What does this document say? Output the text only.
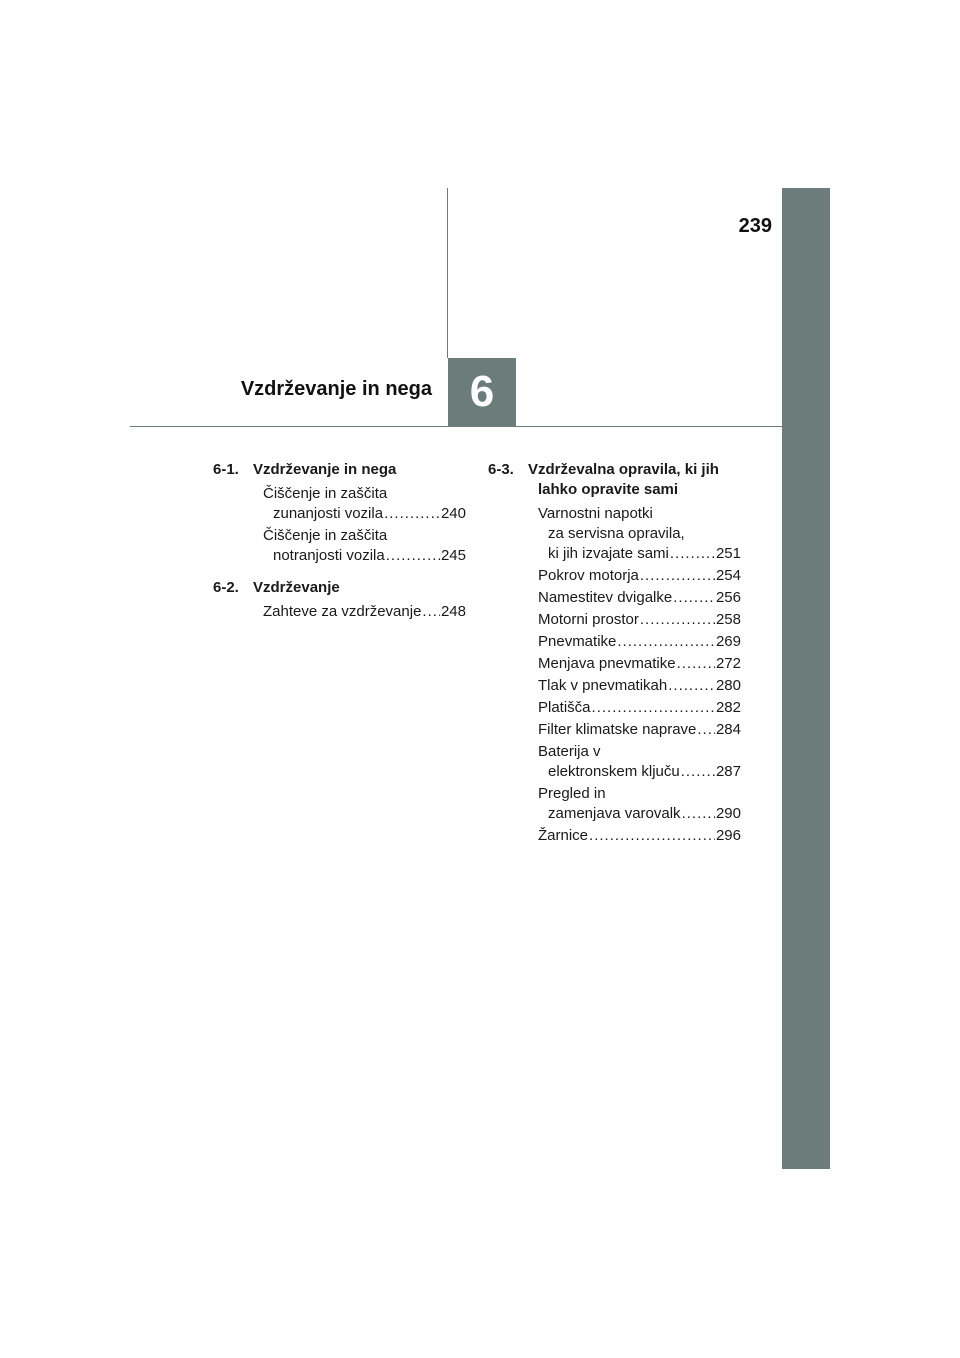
239
Vzdrževanje in nega 6
6-1. Vzdrževanje in nega
Čiščenje in zaščita
zunanjosti vozila .....	240
Čiščenje in zaščita
notranjosti vozila .....	245
6-2. Vzdrževanje
Zahteve za vzdrževanje ..... 248
6-3. Vzdrževalna opravila, ki jih lahko opravite sami
Varnostni napotki
za servisna opravila,
ki jih izvajate sami .....	251
Pokrov motorja .....	254
Namestitev dvigalke .....	256
Motorni prostor .....	258
Pnevmatike .....	269
Menjava pnevmatike .....	272
Tlak v pnevmatikah .....	280
Platišča .....	282
Filter klimatske naprave ..... 284
Baterija v
elektronskem ključu ..... 287
Pregled in
zamenjava varovalk ..... 290
Žarnice .....	296
